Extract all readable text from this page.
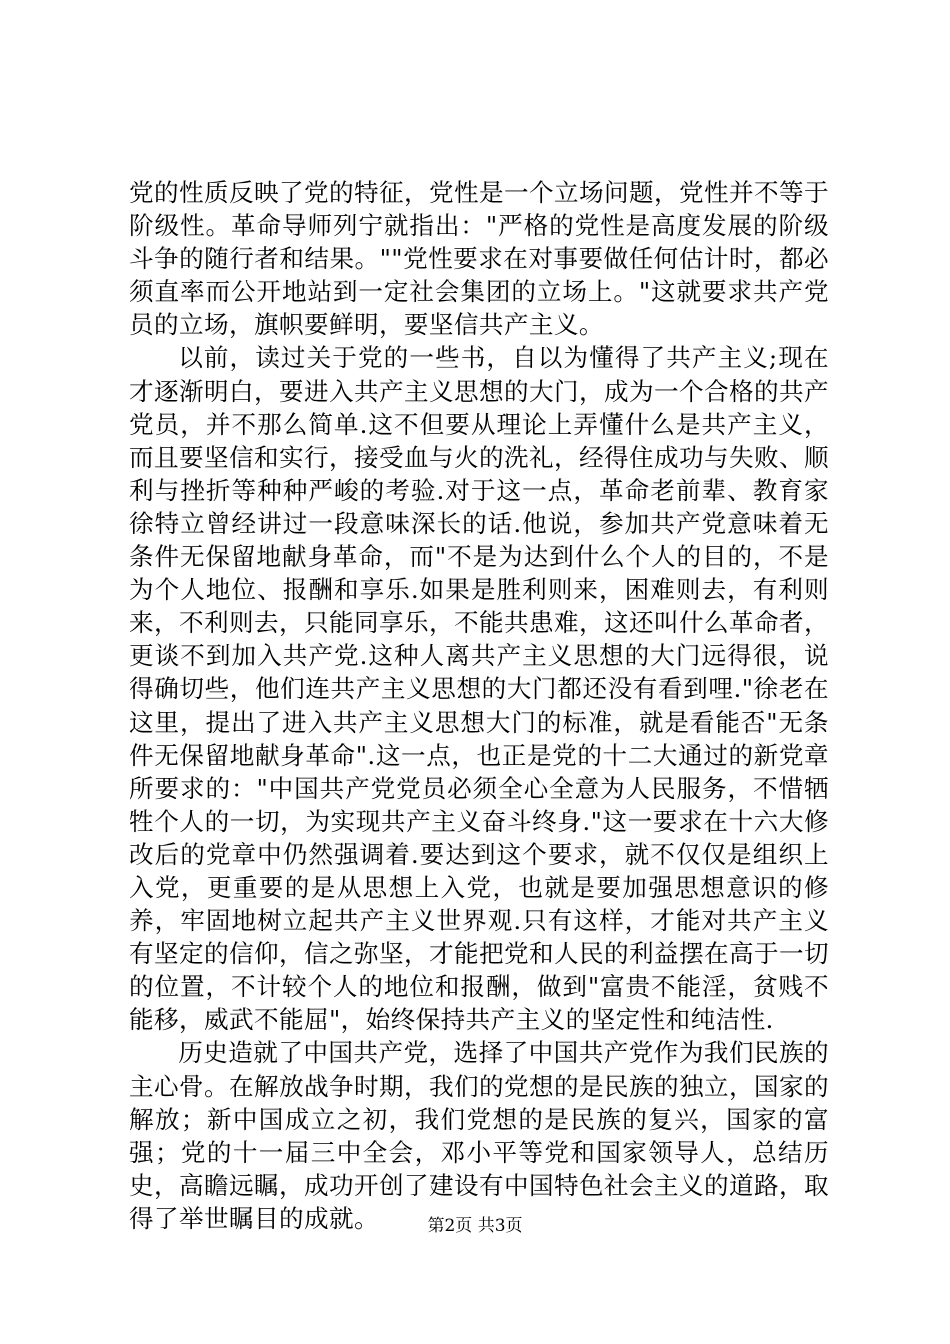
党的性质反映了党的特征，党性是一个立场问题，党性并不等于阶级性。革命导师列宁就指出："严格的党性是高度发展的阶级斗争的随行者和结果。""党性要求在对事要做任何估计时，都必须直率而公开地站到一定社会集团的立场上。"这就要求共产党员的立场，旗帜要鲜明，要坚信共产主义。

以前，读过关于党的一些书，自以为懂得了共产主义;现在才逐渐明白，要进入共产主义思想的大门，成为一个合格的共产党员，并不那么简单.这不但要从理论上弄懂什么是共产主义，而且要坚信和实行，接受血与火的洗礼，经得住成功与失败、顺利与挫折等种种严峻的考验.对于这一点，革命老前辈、教育家徐特立曾经讲过一段意味深长的话.他说，参加共产党意味着无条件无保留地献身革命，而"不是为达到什么个人的目的，不是为个人地位、报酬和享乐.如果是胜利则来，困难则去，有利则来，不利则去，只能同享乐，不能共患难，这还叫什么革命者，更谈不到加入共产党.这种人离共产主义思想的大门远得很，说得确切些，他们连共产主义思想的大门都还没有看到哩."徐老在这里，提出了进入共产主义思想大门的标准，就是看能否"无条件无保留地献身革命".这一点，也正是党的十二大通过的新党章所要求的："中国共产党党员必须全心全意为人民服务，不惜牺牲个人的一切，为实现共产主义奋斗终身."这一要求在十六大修改后的党章中仍然强调着.要达到这个要求，就不仅仅是组织上入党，更重要的是从思想上入党，也就是要加强思想意识的修养，牢固地树立起共产主义世界观.只有这样，才能对共产主义有坚定的信仰，信之弥坚，才能把党和人民的利益摆在高于一切的位置，不计较个人的地位和报酬，做到"富贵不能淫，贫贱不能移，威武不能屈"，始终保持共产主义的坚定性和纯洁性.

历史造就了中国共产党，选择了中国共产党作为我们民族的主心骨。在解放战争时期，我们的党想的是民族的独立，国家的解放；新中国成立之初，我们党想的是民族的复兴，国家的富强；党的十一届三中全会，邓小平等党和国家领导人，总结历史，高瞻远瞩，成功开创了建设有中国特色社会主义的道路，取得了举世瞩目的成就。	第2页 共3页
